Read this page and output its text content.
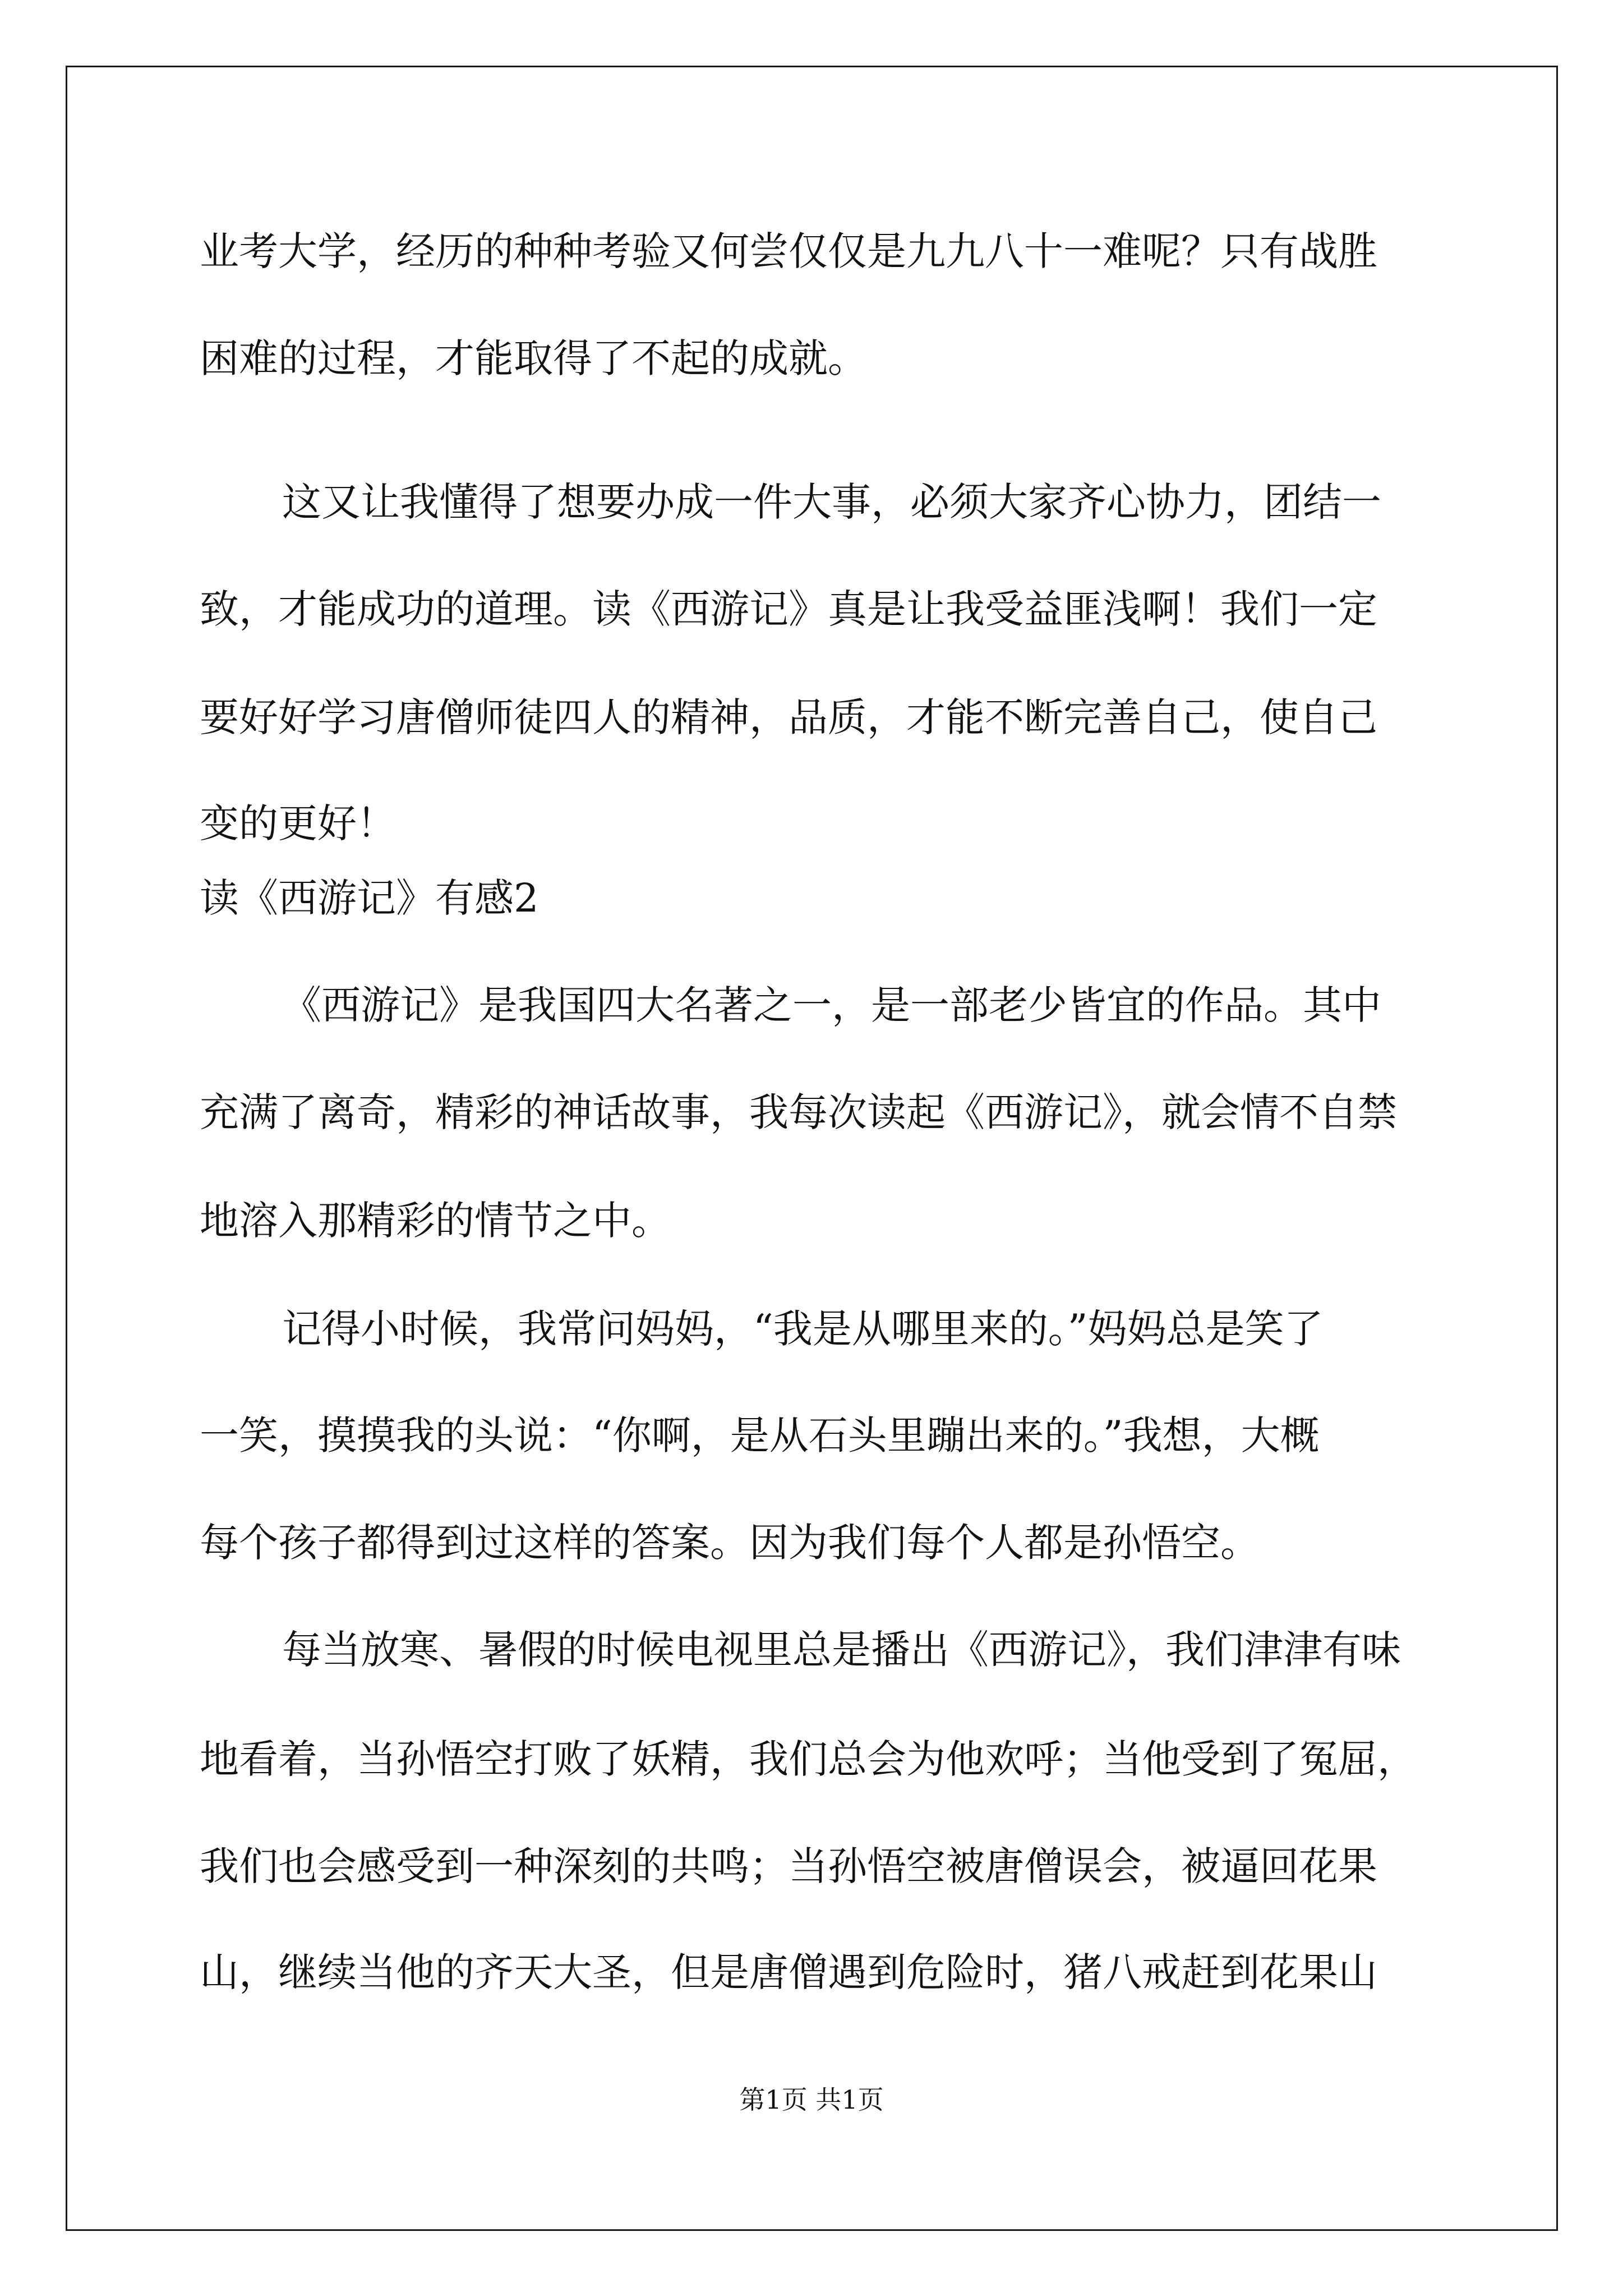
业考大学，经历的种种考验又何尝仅仅是九九八十一难呢？只有战胜

困难的过程，才能取得了不起的成就。

这又让我懂得了想要办成一件大事，必须大家齐心协力，团结一

致，才能成功的道理。读《西游记》真是让我受益匪浅啊！我们一定

要好好学习唐僧师徒四人的精神，品质，才能不断完善自己，使自己

变的更好！

读《西游记》有感2

《西游记》是我国四大名著之一，是一部老少皆宜的作品。其中

充满了离奇，精彩的神话故事，我每次读起《西游记》，就会情不自禁

地溶入那精彩的情节之中。

记得小时候，我常问妈妈，“我是从哪里来的。”妈妈总是笑了

一笑，摸摸我的头说：“你啊，是从石头里蹦出来的。”我想，大概

每个孩子都得到过这样的答案。因为我们每个人都是孙悟空。

每当放寒、暑假的时候电视里总是播出《西游记》，我们津津有味

地看着，当孙悟空打败了妖精，我们总会为他欢呼；当他受到了冤屈，

我们也会感受到一种深刻的共鸣；当孙悟空被唐僧误会，被逼回花果

山，继续当他的齐天大圣，但是唐僧遇到危险时，猪八戒赶到花果山

第1页 共1页
